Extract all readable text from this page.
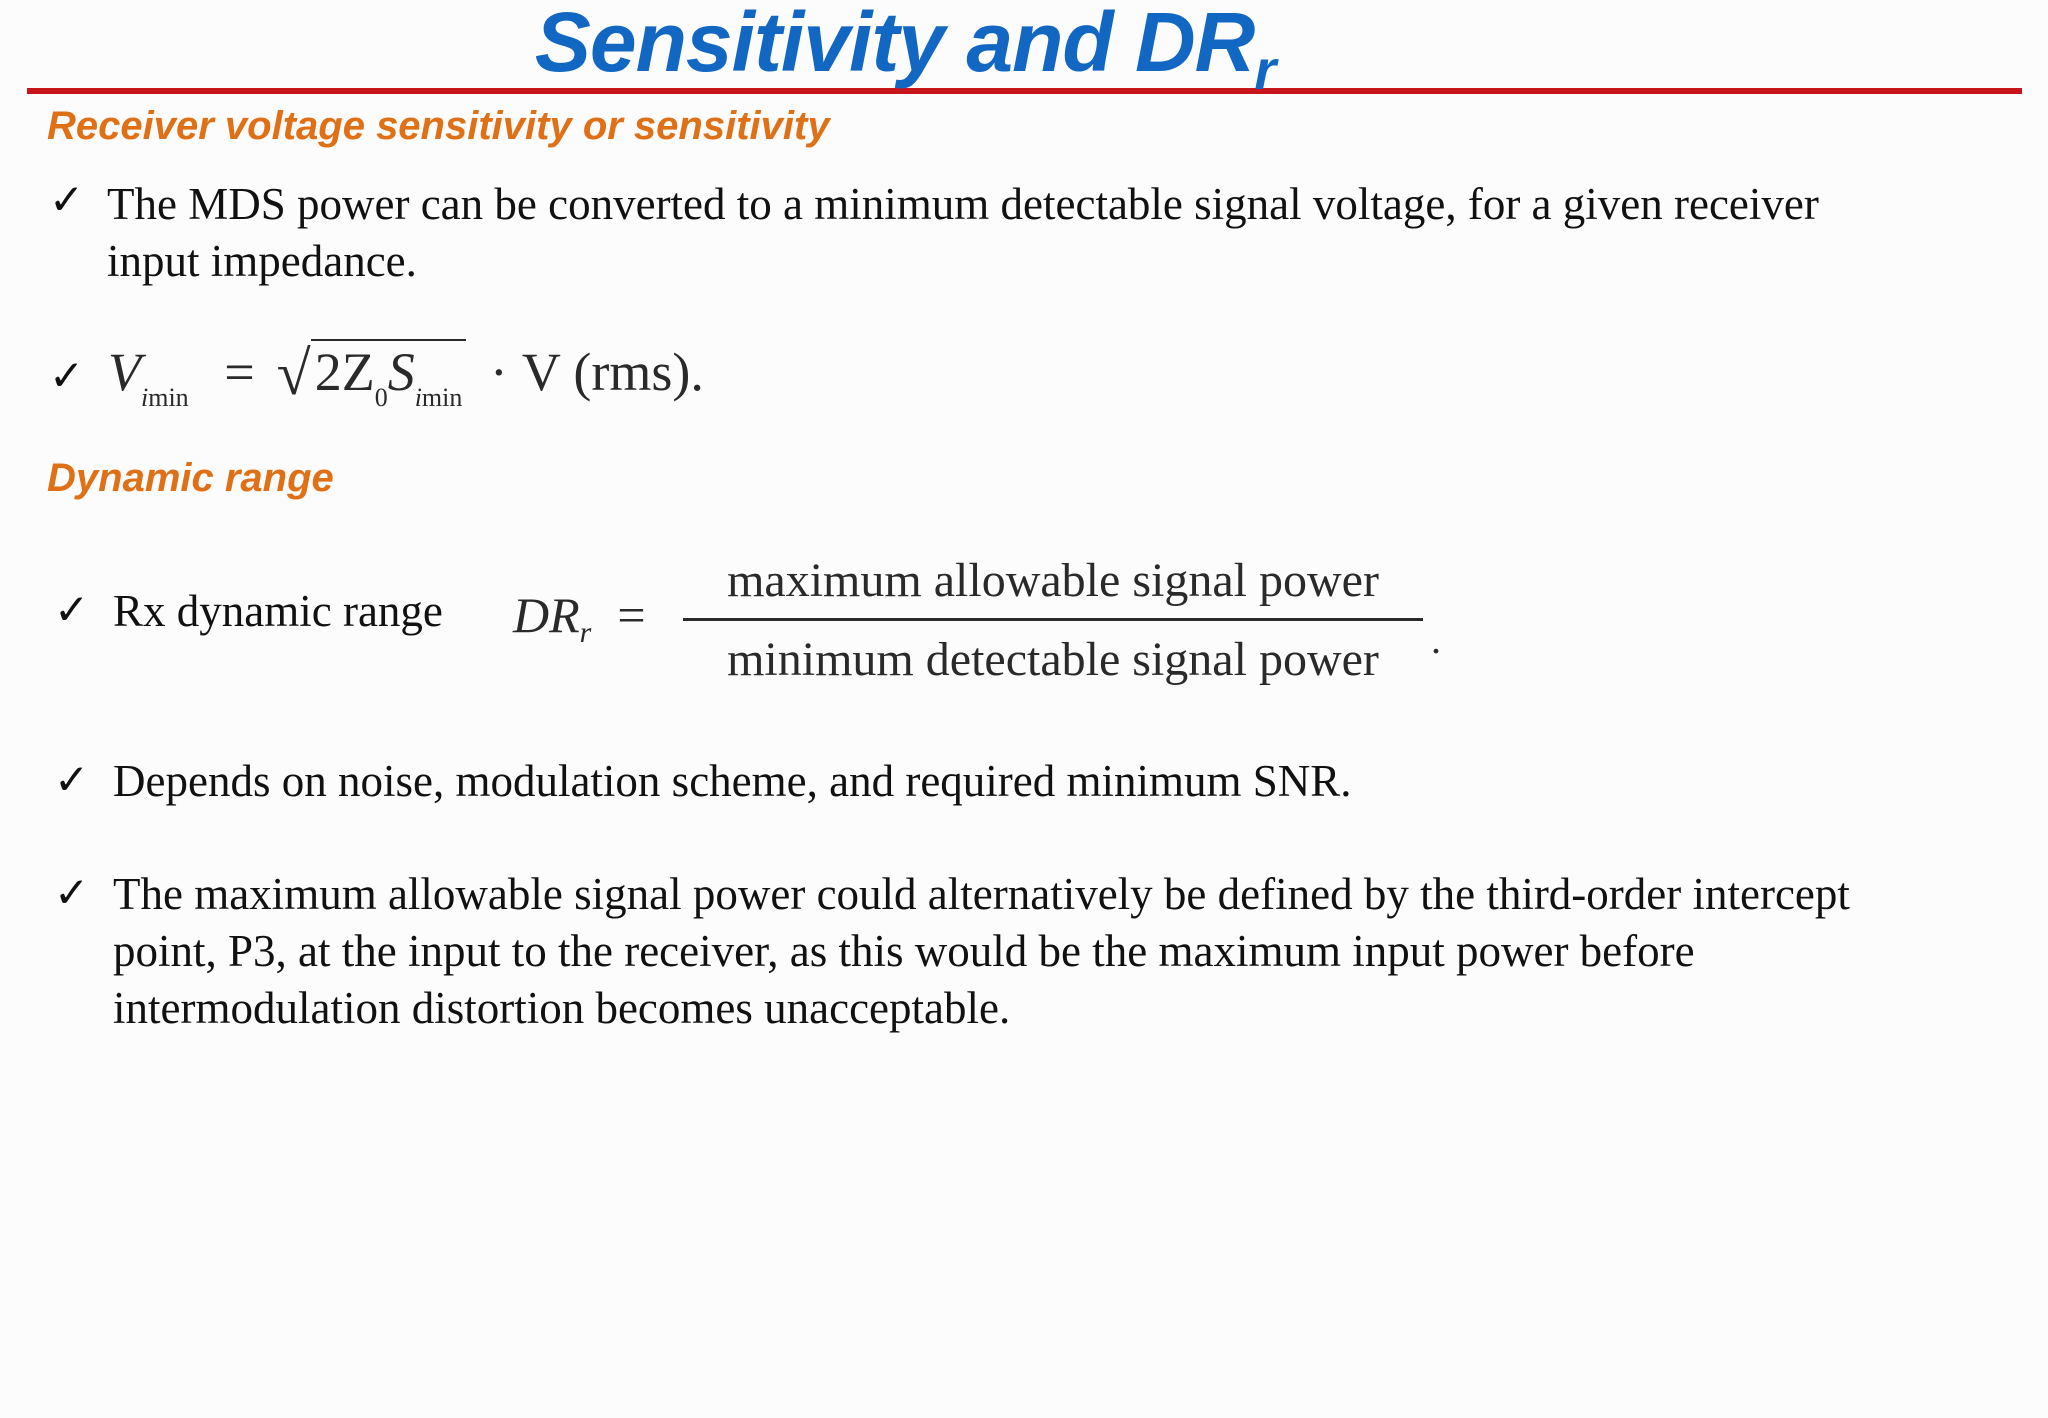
Sensitivity and $DR_r$
Receiver voltage sensitivity or sensitivity
✓ The MDS power can be converted to a minimum detectable signal voltage, for a given receiver
input impedance.
✓ $V_{imin} = √2Z_0S_{imin} \cdot V$ (rms).
Dynamic range
✓ Rx dynamic range $DR_r$ =
maximum allowable signal power
minimum detectable signal power	.
✓ Depends on noise, modulation scheme, and required minimum SNR.
✓ The maximum allowable signal power could alternatively be defined by the third-order intercept
point, P3, at the input to the receiver, as this would be the maximum input power before
intermodulation distortion becomes unacceptable.
